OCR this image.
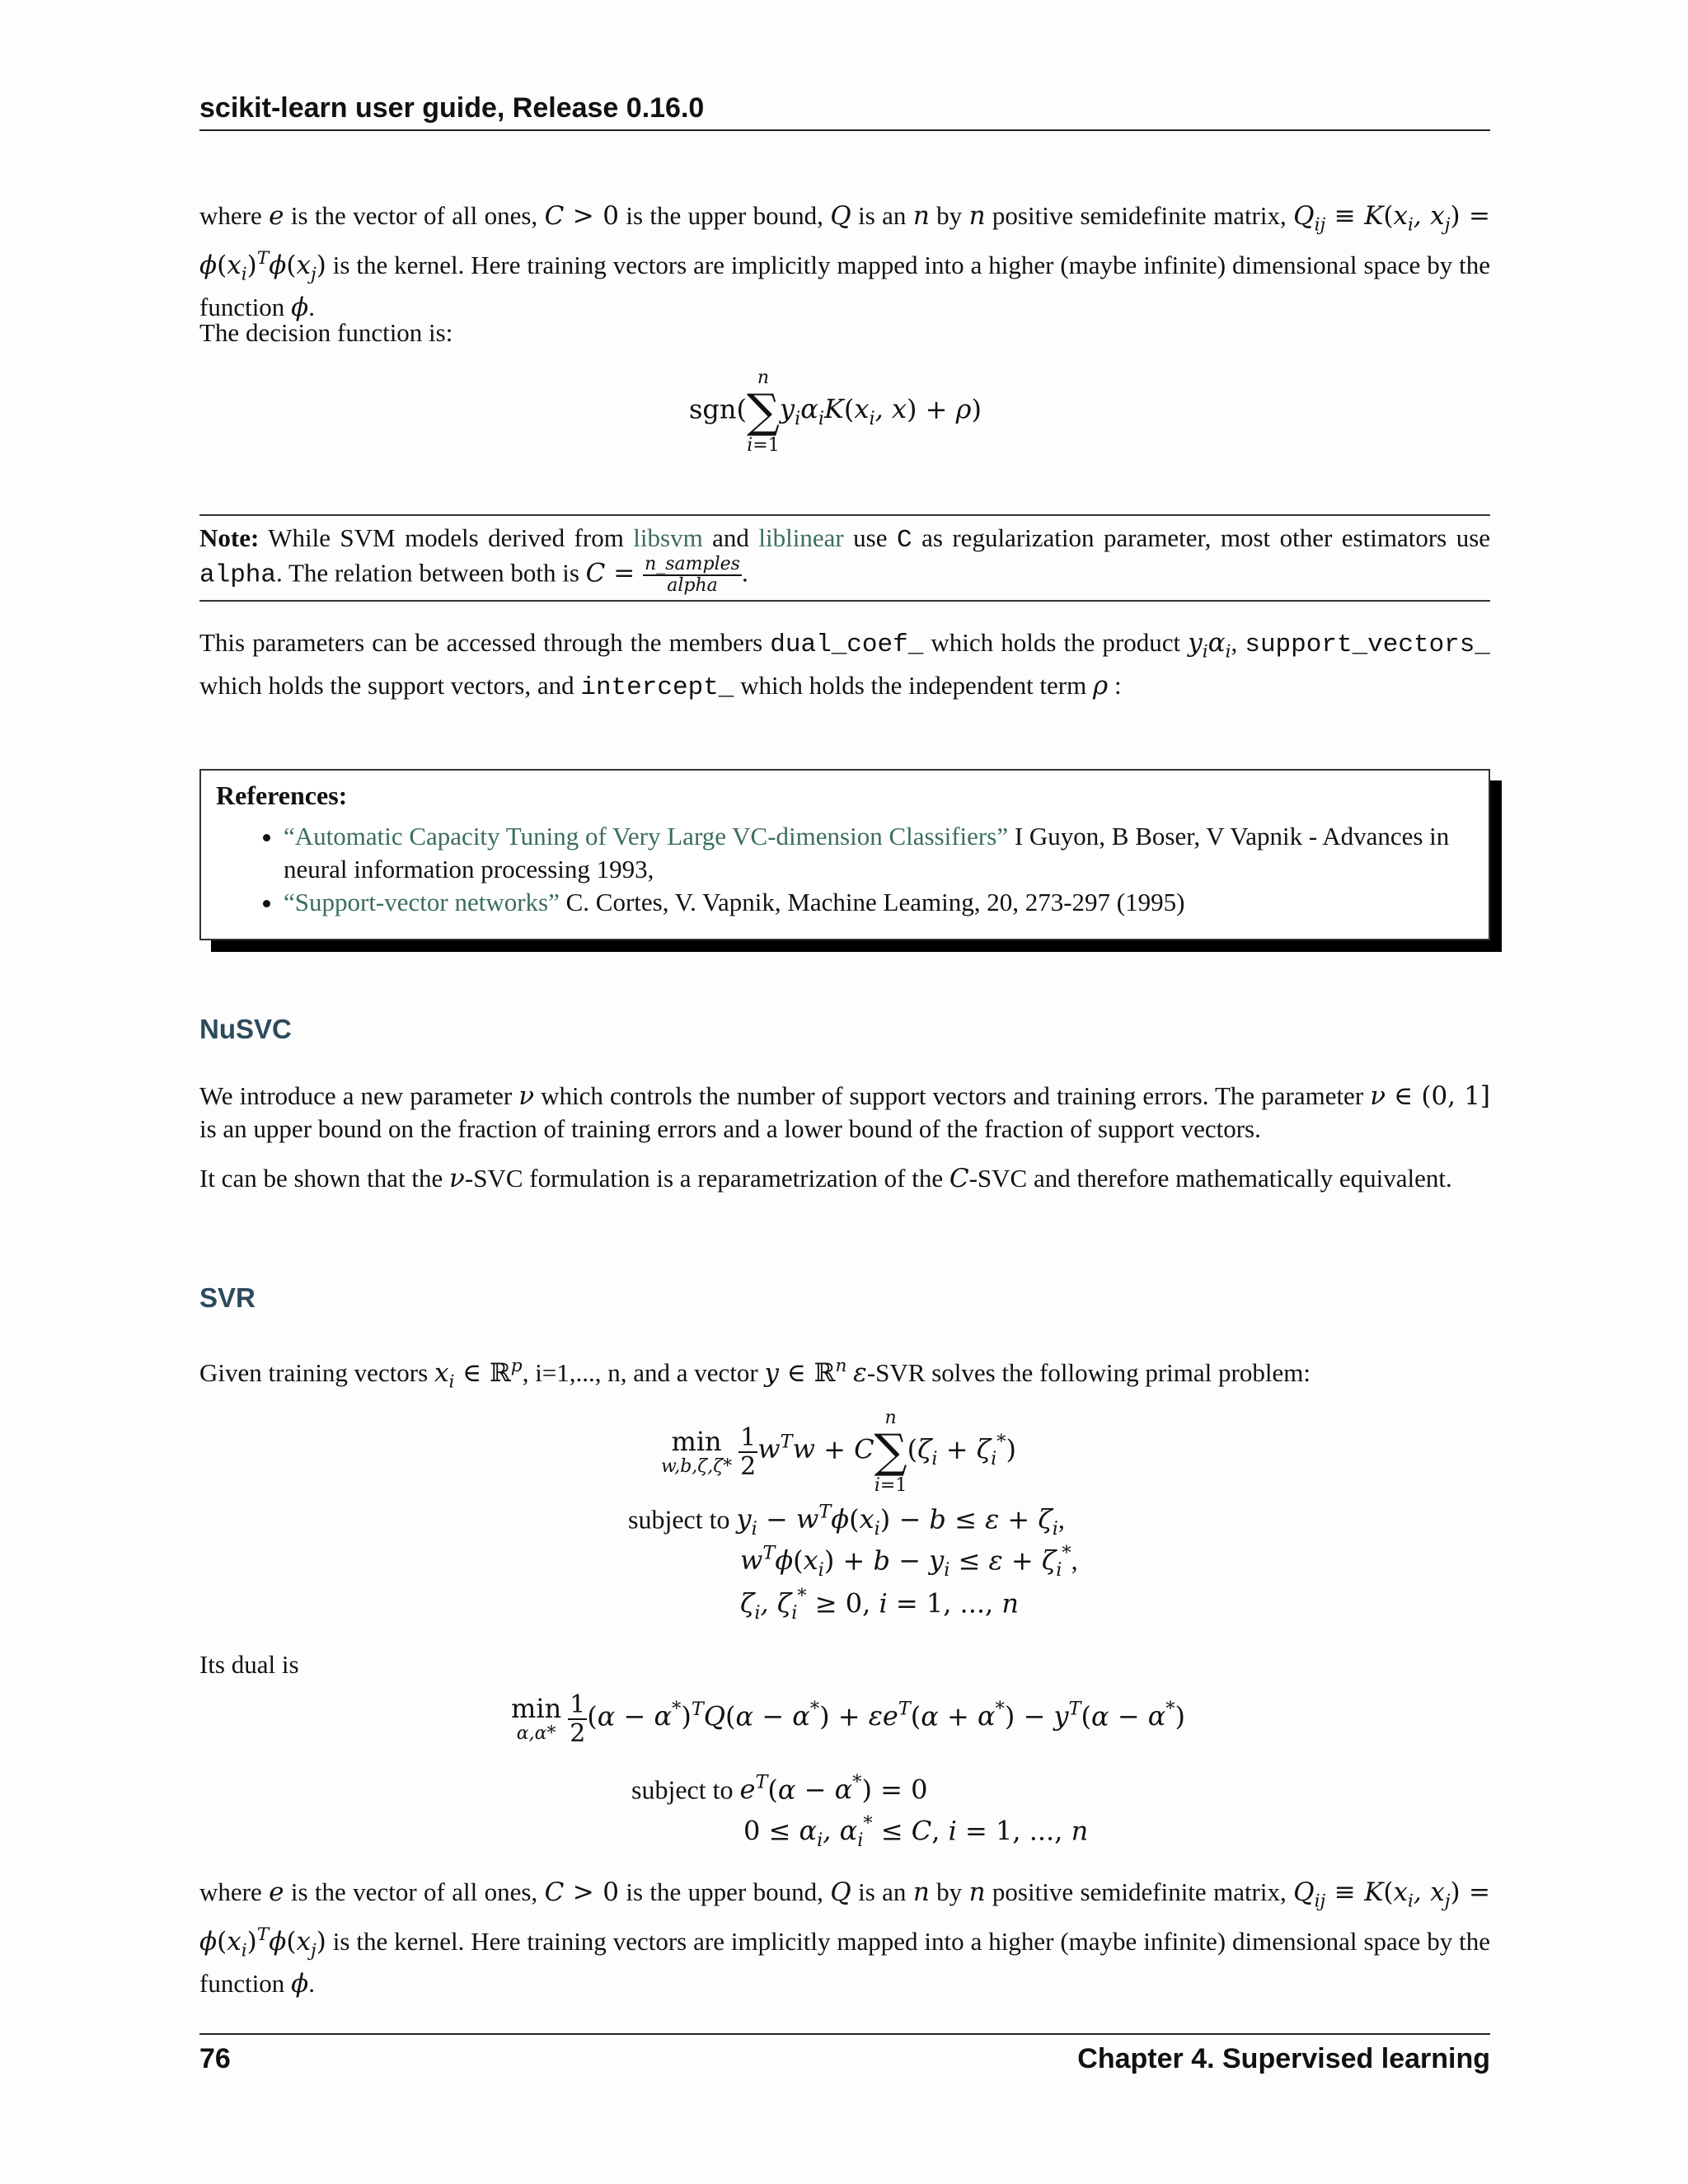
scikit-learn user guide, Release 0.16.0
where e is the vector of all ones, C > 0 is the upper bound, Q is an n by n positive semidefinite matrix, $Q_{ij} \equiv K(x_i$, $x_j) = \phi(x_i)^T\phi(x_j)$ is the kernel. Here training vectors are implicitly mapped into a higher (maybe infinite) dimensional space by the function ϕ.
The decision function is:
sgn(
n
∑
i=1
$y_i\alpha_iK(x_i$, x) + ρ)
Note: While SVM models derived from libsvm and liblinear use C as regularization parameter, most other estimators use alpha. The relation between both is $C = \frac{\text{n\_samples}}{\text{alpha}}$ .
This parameters can be accessed through the members dual_coef_ which holds the product $y_i\alpha_i$, support_vectors_ which holds the support vectors, and intercept_ which holds the independent term ρ :
References:
• “Automatic Capacity Tuning of Very Large VC-dimension Classifiers” I Guyon, B Boser, V Vapnik - Advances in neural information processing 1993,
• “Support-vector networks” C. Cortes, V. Vapnik, Machine Leaming, 20, 273-297 (1995)
NuSVC
We introduce a new parameter ν which controls the number of support vectors and training errors. The parameter ν ∈ (0, 1] is an upper bound on the fraction of training errors and a lower bound of the fraction of support vectors.
It can be shown that the ν-SVC formulation is a reparametrization of the C-SVC and therefore mathematically equivalent.
SVR
Given training vectors $x_i$ ∈ ℝ$^p$, i=1,..., n, and a vector y ∈ ℝ$^n$ ε-SVR solves the following primal problem:
min
w,b,ζ,ζ*
$\frac{1}{2} w^Tw + C$
n
∑
i=1
$(\zeta_i + \zeta_i^*)$
subject to $y_i - w^T\phi(x_i) - b \le \varepsilon + \zeta_i$,
$w^T\phi(x_i) + b - y_i \le \varepsilon + \zeta_i^*$,
$\zeta_i$, $\zeta_i^* \ge 0$, i = 1, ..., n
Its dual is
min
α,α*
$\frac{1}{2} (\alpha - \alpha^*)^TQ(\alpha - \alpha^*) + \varepsilon e^T(\alpha + \alpha^*) - y^T(\alpha - \alpha^*)$
subject to $e^T(\alpha - \alpha^*) = 0$
$0 \le \alpha_i$, $\alpha_i^* \le C$, i = 1, ..., n
where e is the vector of all ones, C > 0 is the upper bound, Q is an n by n positive semidefinite matrix, $Q_{ij} \equiv K(x_i$, $x_j) = \phi(x_i)^T\phi(x_j)$ is the kernel. Here training vectors are implicitly mapped into a higher (maybe infinite) dimensional space by the function ϕ.
76	Chapter 4. Supervised learning
